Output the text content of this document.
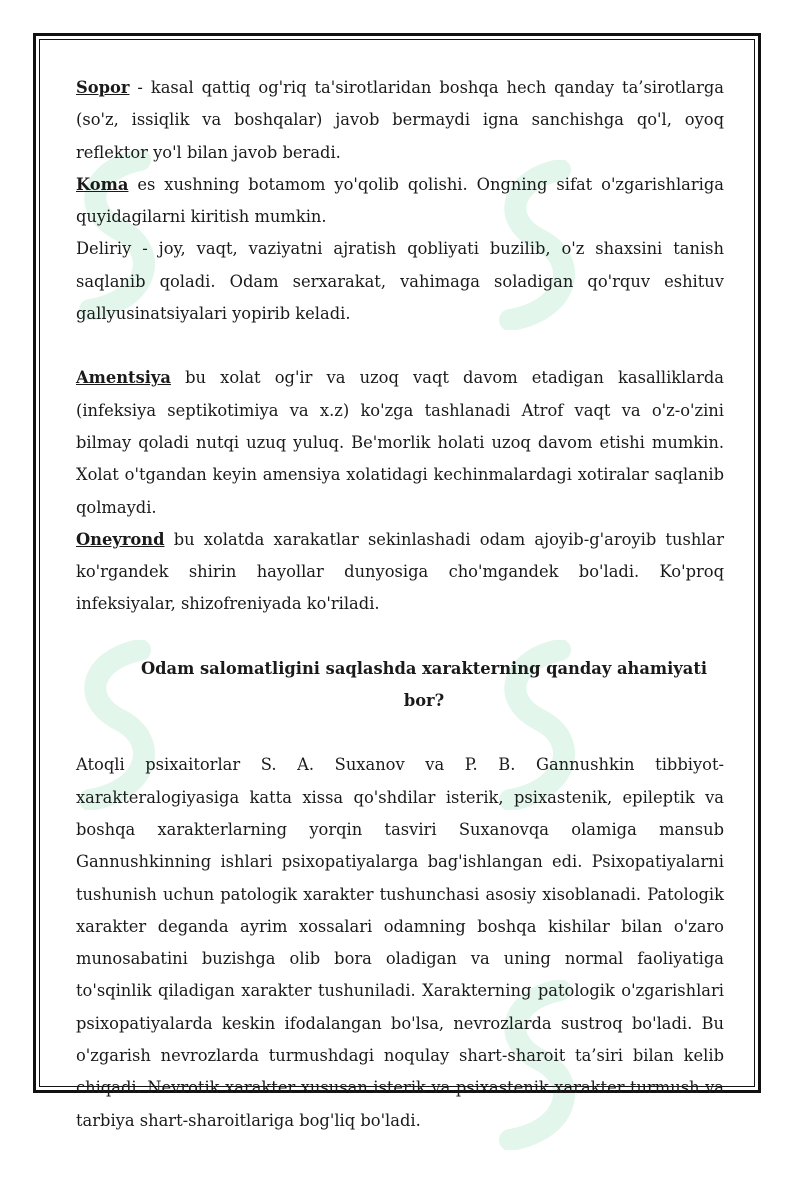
Sopor - kasal qattiq og'riq ta'sirotlaridan boshqa hech qanday ta’sirotlarga (so'z, issiqlik va boshqalar) javob bermaydi igna sanchishga qo'l, oyoq reflektor yo'l bilan javob beradi.

Koma es xushning botamom yo'qolib qolishi. Ongning sifat o'zgarishlariga quyidagilarni kiritish mumkin.

Deliriy - joy, vaqt, vaziyatni ajratish qobliyati buzilib, o'z shaxsini tanish saqlanib qoladi. Odam serxarakat, vahimaga soladigan qo'rquv eshituv gallyusinatsiyalari yopirib keladi.

Amentsiya bu xolat og'ir va uzoq vaqt davom etadigan kasalliklarda (infeksiya septikotimiya va x.z) ko'zga tashlanadi Atrof vaqt va o'z-o'zini bilmay qoladi nutqi uzuq yuluq. Be'morlik holati uzoq davom etishi mumkin. Xolat o'tgandan keyin amensiya xolatidagi kechinmalardagi xotiralar saqlanib qolmaydi.

Oneyrond bu xolatda xarakatlar sekinlashadi odam ajoyib-g'aroyib tushlar ko'rgandek shirin hayollar dunyosiga cho'mgandek bo'ladi. Ko'proq infeksiyalar, shizofreniyada ko'riladi.

Odam salomatligini saqlashda xarakterning qanday ahamiyati bor?

Atoqli psixaitorlar S. A. Suxanov va P. B. Gannushkin tibbiyot- xarakteralogiyasiga katta xissa qo'shdilar isterik, psixastenik, epileptik va boshqa xarakterlarning yorqin tasviri Suxanovqa olamiga mansub Gannushkinning ishlari psixopatiyalarga bag'ishlangan edi. Psixopatiyalarni tushunish uchun patologik xarakter tushunchasi asosiy xisoblanadi. Patologik xarakter deganda ayrim xossalari odamning boshqa kishilar bilan o'zaro munosabatini buzishga olib bora oladigan va uning normal faoliyatiga to'sqinlik qiladigan xarakter tushuniladi. Xarakterning patologik o'zgarishlari psixopatiyalarda keskin ifodalangan bo'lsa, nevrozlarda sustroq bo'ladi. Bu o'zgarish nevrozlarda turmushdagi noqulay shart-sharoit ta’siri bilan kelib chiqadi. Nevrotik xarakter xususan isterik va psixastenik xarakter turmush va tarbiya shart-sharoitlariga bog'liq bo'ladi.
